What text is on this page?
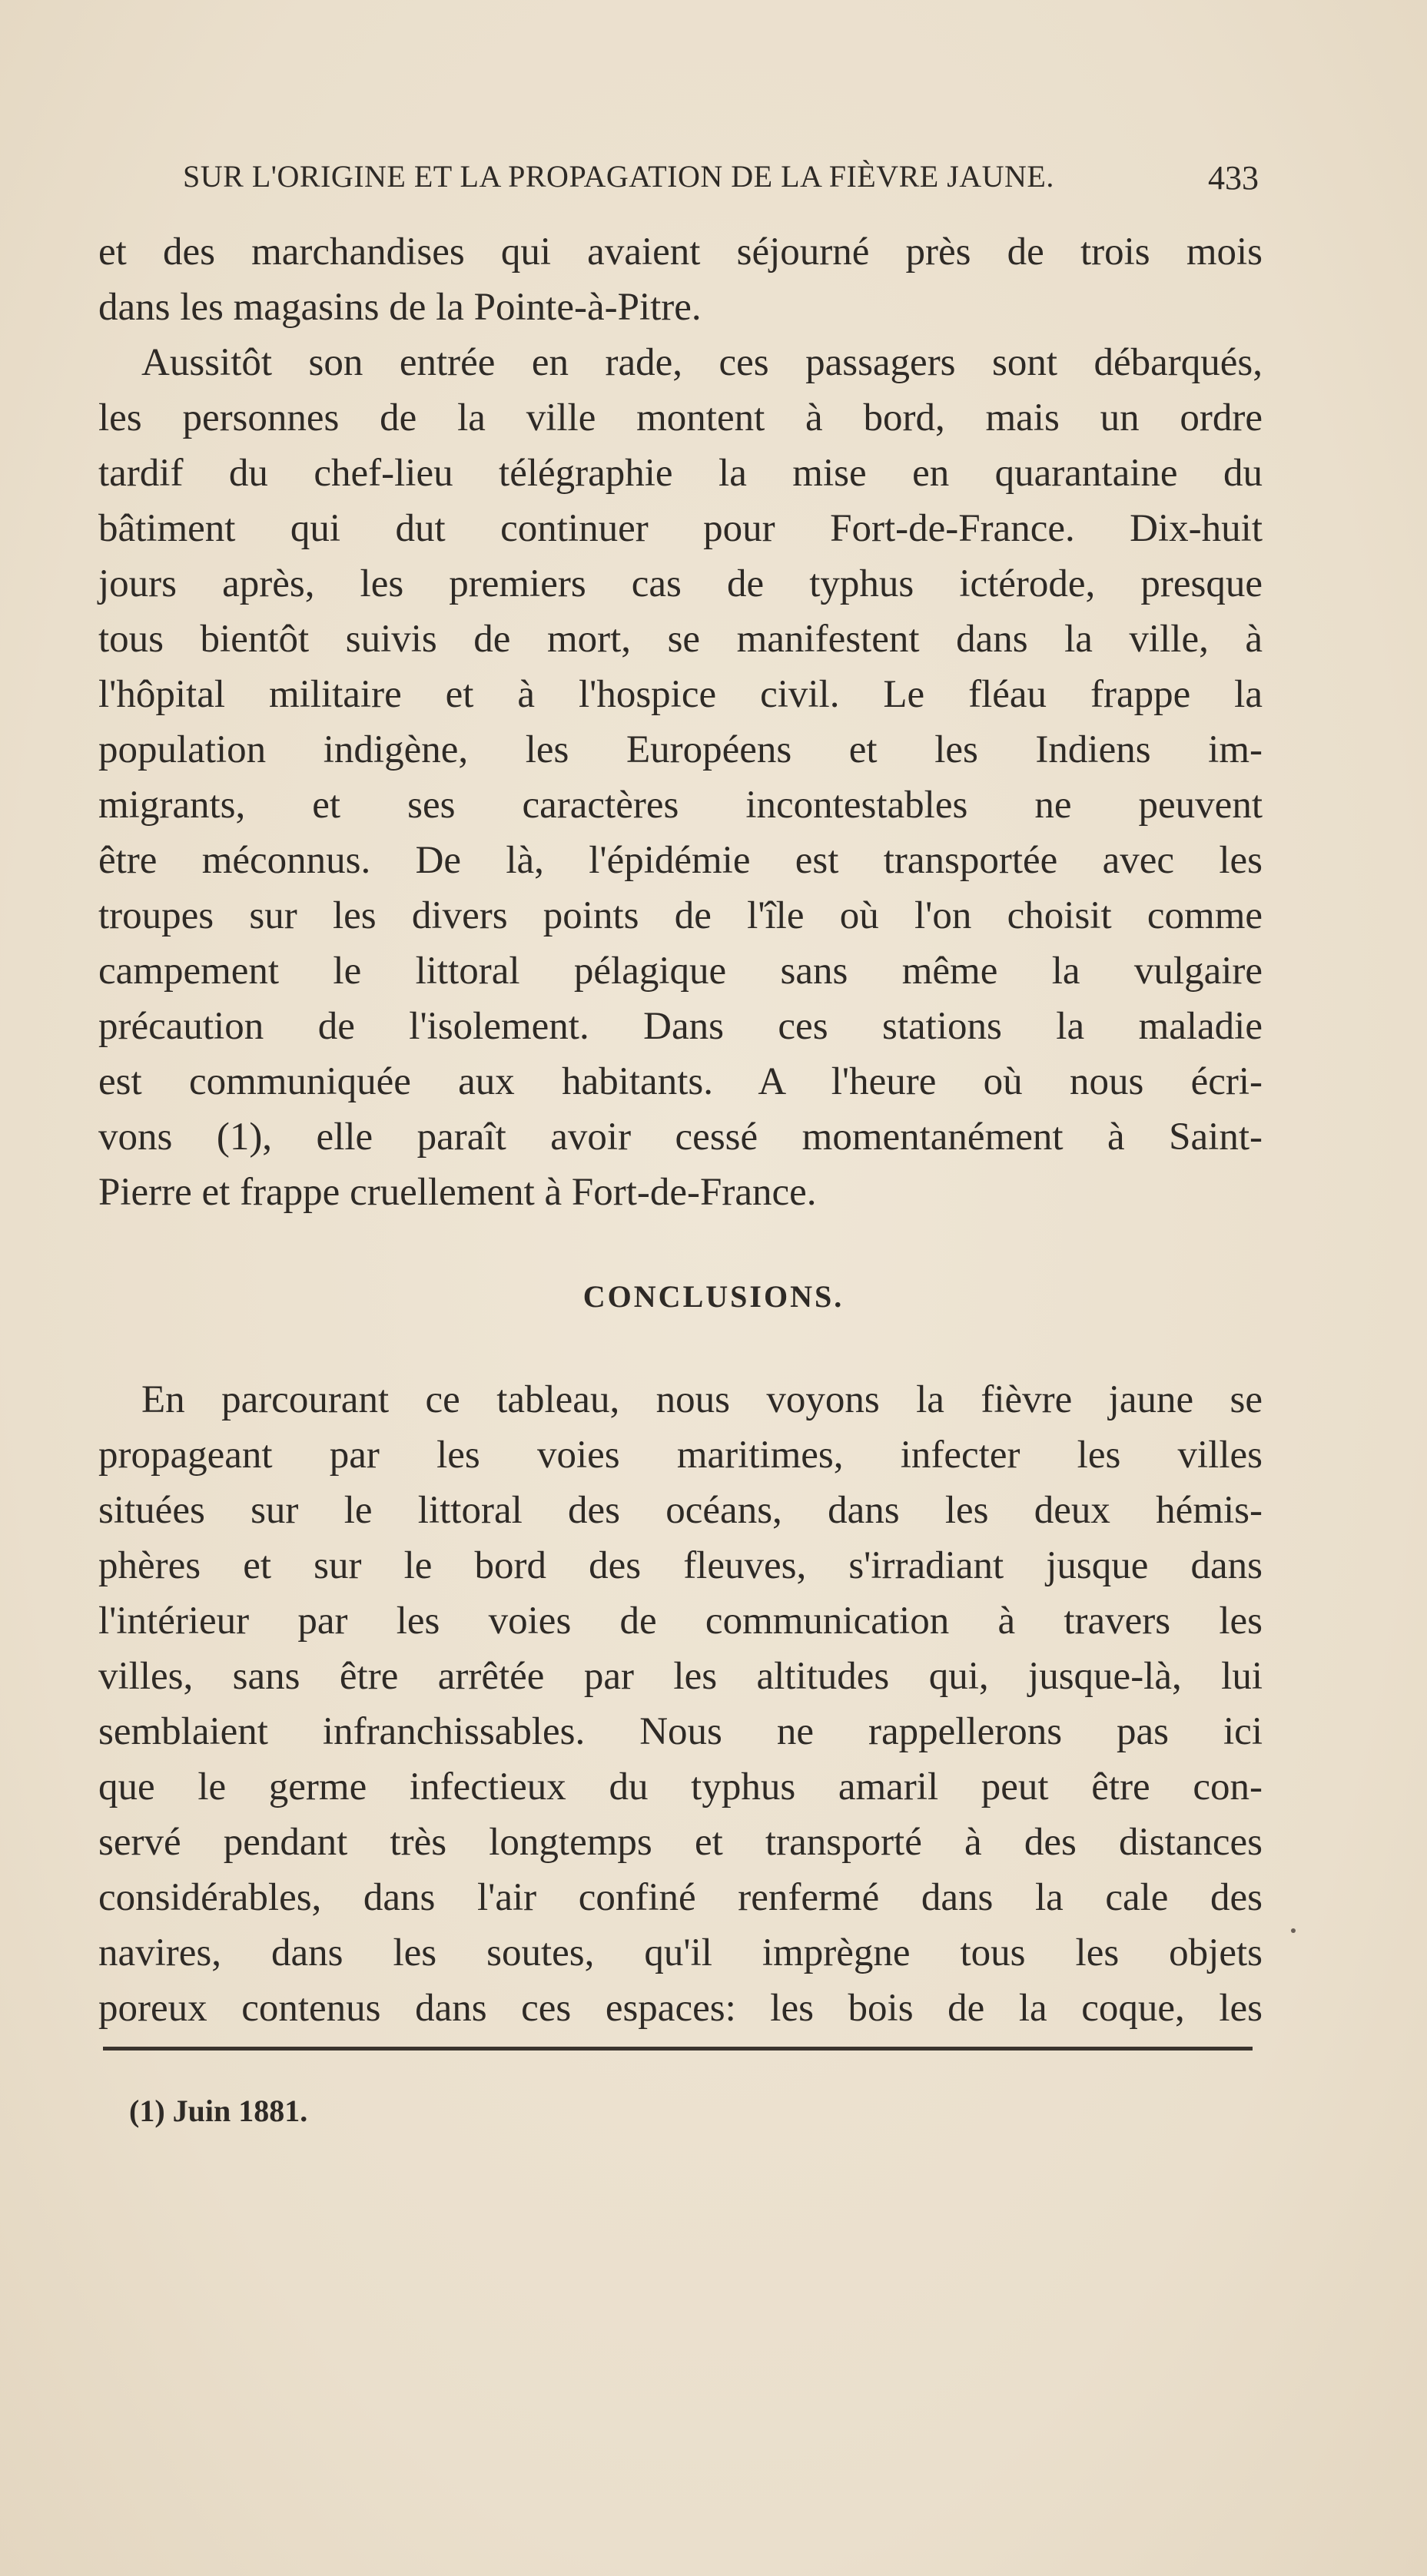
SUR L'ORIGINE ET LA PROPAGATION DE LA FIÈVRE JAUNE.	433
et des marchandises qui avaient séjourné près de trois mois
dans les magasins de la Pointe-à-Pitre.
Aussitôt son entrée en rade, ces passagers sont débarqués,
les personnes de la ville montent à bord, mais un ordre
tardif du chef-lieu télégraphie la mise en quarantaine du
bâtiment qui dut continuer pour Fort-de-France. Dix-huit
jours après, les premiers cas de typhus ictérode, presque
tous bientôt suivis de mort, se manifestent dans la ville, à
l'hôpital militaire et à l'hospice civil. Le fléau frappe la
population indigène, les Européens et les Indiens im-
migrants, et ses caractères incontestables ne peuvent
être méconnus. De là, l'épidémie est transportée avec les
troupes sur les divers points de l'île où l'on choisit comme
campement le littoral pélagique sans même la vulgaire
précaution de l'isolement. Dans ces stations la maladie
est communiquée aux habitants. A l'heure où nous écri-
vons (1), elle paraît avoir cessé momentanément à Saint-
Pierre et frappe cruellement à Fort-de-France.
CONCLUSIONS.
En parcourant ce tableau, nous voyons la fièvre jaune se
propageant par les voies maritimes, infecter les villes
situées sur le littoral des océans, dans les deux hémis-
phères et sur le bord des fleuves, s'irradiant jusque dans
l'intérieur par les voies de communication à travers les
villes, sans être arrêtée par les altitudes qui, jusque-là, lui
semblaient infranchissables. Nous ne rappellerons pas ici
que le germe infectieux du typhus amaril peut être con-
servé pendant très longtemps et transporté à des distances
considérables, dans l'air confiné renfermé dans la cale des
navires, dans les soutes, qu'il imprègne tous les objets
poreux contenus dans ces espaces: les bois de la coque, les
(1) Juin 1881.
